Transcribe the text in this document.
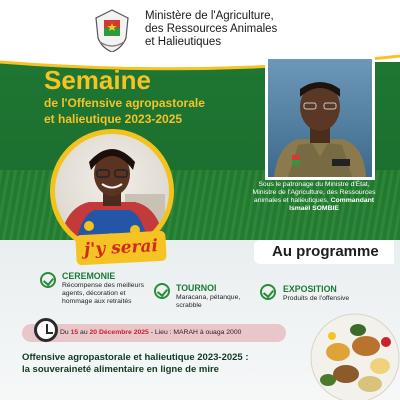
Ministère de l'Agriculture,
des Ressources Animales
et Halieutiques
Semaine
de l'Offensive agropastorale
et halieutique 2023-2025
Sous le patronage du Ministre d'État,
Ministre de l'Agriculture, des Ressources
animales et halieutiques, Commandant
Ismaël SOMBIE
j'y serai	Au programme
CEREMONIE
Récompense des meilleurs
agents, décoration et
hommage aux retraités
TOURNOI
Maracana, pétanque,
scrabble
EXPOSITION
Produits de l'offensive
Du 15 au 20 Décembre 2025 - Lieu : MARAH à ouaga 2000
Offensive agropastorale et halieutique 2023-2025 :
la souveraineté alimentaire en ligne de mire
